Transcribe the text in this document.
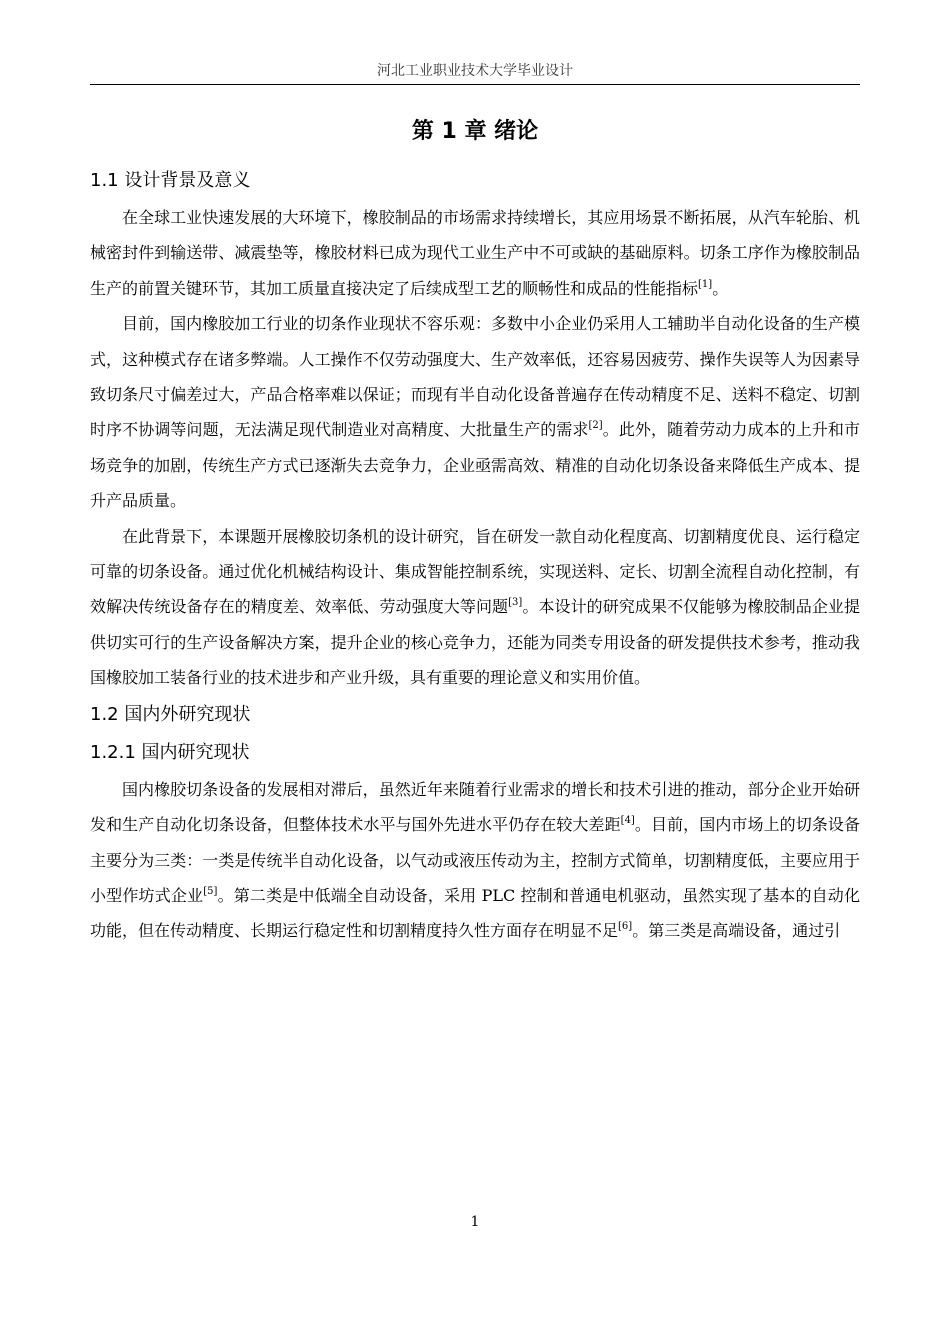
河北工业职业技术大学毕业设计
第 1 章 绪论
1.1 设计背景及意义

在全球工业快速发展的大环境下，橡胶制品的市场需求持续增长，其应用场景不断拓展，从汽车轮胎、机械密封件到输送带、减震垫等，橡胶材料已成为现代工业生产中不可或缺的基础原料。切条工序作为橡胶制品生产的前置关键环节，其加工质量直接决定了后续成型工艺的顺畅性和成品的性能指标[1]。

目前，国内橡胶加工行业的切条作业现状不容乐观：多数中小企业仍采用人工辅助半自动化设备的生产模式，这种模式存在诸多弊端。人工操作不仅劳动强度大、生产效率低，还容易因疲劳、操作失误等人为因素导致切条尺寸偏差过大，产品合格率难以保证；而现有半自动化设备普遍存在传动精度不足、送料不稳定、切割时序不协调等问题，无法满足现代制造业对高精度、大批量生产的需求[2]。此外，随着劳动力成本的上升和市场竞争的加剧，传统生产方式已逐渐失去竞争力，企业亟需高效、精准的自动化切条设备来降低生产成本、提升产品质量。

在此背景下，本课题开展橡胶切条机的设计研究，旨在研发一款自动化程度高、切割精度优良、运行稳定可靠的切条设备。通过优化机械结构设计、集成智能控制系统，实现送料、定长、切割全流程自动化控制，有效解决传统设备存在的精度差、效率低、劳动强度大等问题[3]。本设计的研究成果不仅能够为橡胶制品企业提供切实可行的生产设备解决方案，提升企业的核心竞争力，还能为同类专用设备的研发提供技术参考，推动我国橡胶加工装备行业的技术进步和产业升级，具有重要的理论意义和实用价值。

1.2 国内外研究现状
1.2.1 国内研究现状

国内橡胶切条设备的发展相对滞后，虽然近年来随着行业需求的增长和技术引进的推动，部分企业开始研发和生产自动化切条设备，但整体技术水平与国外先进水平仍存在较大差距[4]。目前，国内市场上的切条设备主要分为三类：一类是传统半自动化设备，以气动或液压传动为主，控制方式简单，切割精度低，主要应用于小型作坊式企业[5]。第二类是中低端全自动设备，采用 PLC 控制和普通电机驱动，虽然实现了基本的自动化功能，但在传动精度、长期运行稳定性和切割精度持久性方面存在明显不足[6]。第三类是高端设备，通过引

1
